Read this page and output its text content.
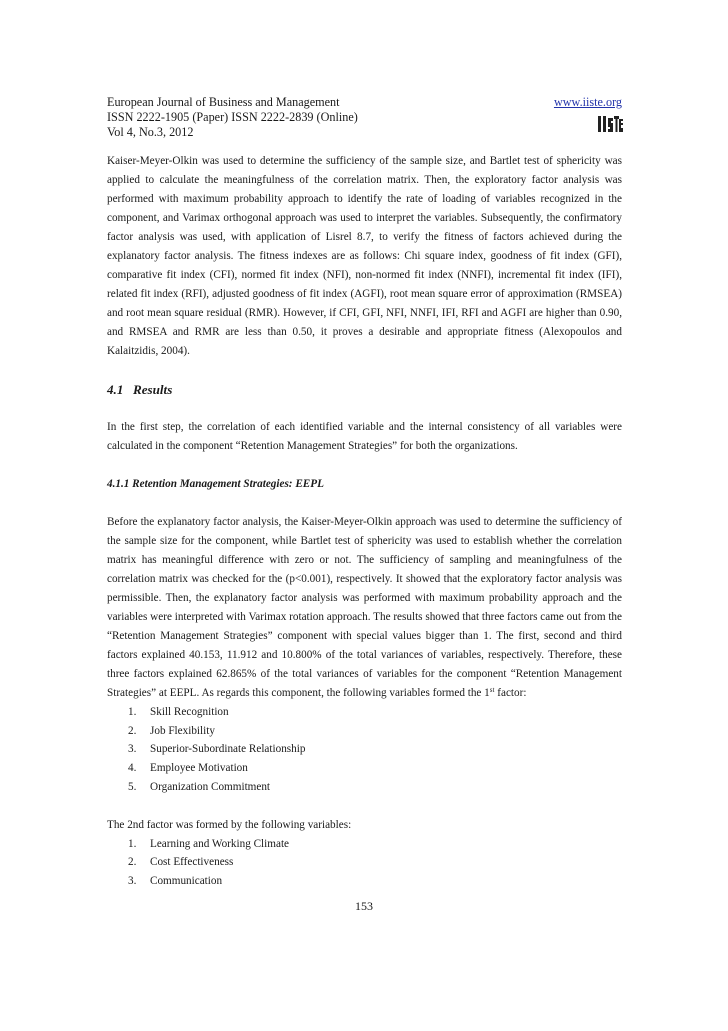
European Journal of Business and Management	www.iiste.org
ISSN 2222-1905 (Paper) ISSN 2222-2839 (Online)
Vol 4, No.3, 2012

Kaiser-Meyer-Olkin was used to determine the sufficiency of the sample size, and Bartlet test of sphericity was applied to calculate the meaningfulness of the correlation matrix. Then, the exploratory factor analysis was performed with maximum probability approach to identify the rate of loading of variables recognized in the component, and Varimax orthogonal approach was used to interpret the variables. Subsequently, the confirmatory factor analysis was used, with application of Lisrel 8.7, to verify the fitness of factors achieved during the explanatory factor analysis. The fitness indexes are as follows: Chi square index, goodness of fit index (GFI), comparative fit index (CFI), normed fit index (NFI), non-normed fit index (NNFI), incremental fit index (IFI), related fit index (RFI), adjusted goodness of fit index (AGFI), root mean square error of approximation (RMSEA) and root mean square residual (RMR). However, if CFI, GFI, NFI, NNFI, IFI, RFI and AGFI are higher than 0.90, and RMSEA and RMR are less than 0.50, it proves a desirable and appropriate fitness (Alexopoulos and Kalaitzidis, 2004).

4.1 Results

In the first step, the correlation of each identified variable and the internal consistency of all variables were calculated in the component “Retention Management Strategies” for both the organizations.

4.1.1 Retention Management Strategies: EEPL

Before the explanatory factor analysis, the Kaiser-Meyer-Olkin approach was used to determine the sufficiency of the sample size for the component, while Bartlet test of sphericity was used to establish whether the correlation matrix has meaningful difference with zero or not. The sufficiency of sampling and meaningfulness of the correlation matrix was checked for the (p<0.001), respectively. It showed that the exploratory factor analysis was permissible. Then, the explanatory factor analysis was performed with maximum probability approach and the variables were interpreted with Varimax rotation approach. The results showed that three factors came out from the “Retention Management Strategies” component with special values bigger than 1. The first, second and third factors explained 40.153, 11.912 and 10.800% of the total variances of variables, respectively. Therefore, these three factors explained 62.865% of the total variances of variables for the component “Retention Management Strategies” at EEPL. As regards this component, the following variables formed the 1st factor:

1.	Skill Recognition
2.	Job Flexibility
3.	Superior-Subordinate Relationship
4.	Employee Motivation
5.	Organization Commitment

The 2nd factor was formed by the following variables:

1.	Learning and Working Climate
2.	Cost Effectiveness
3.	Communication
153
